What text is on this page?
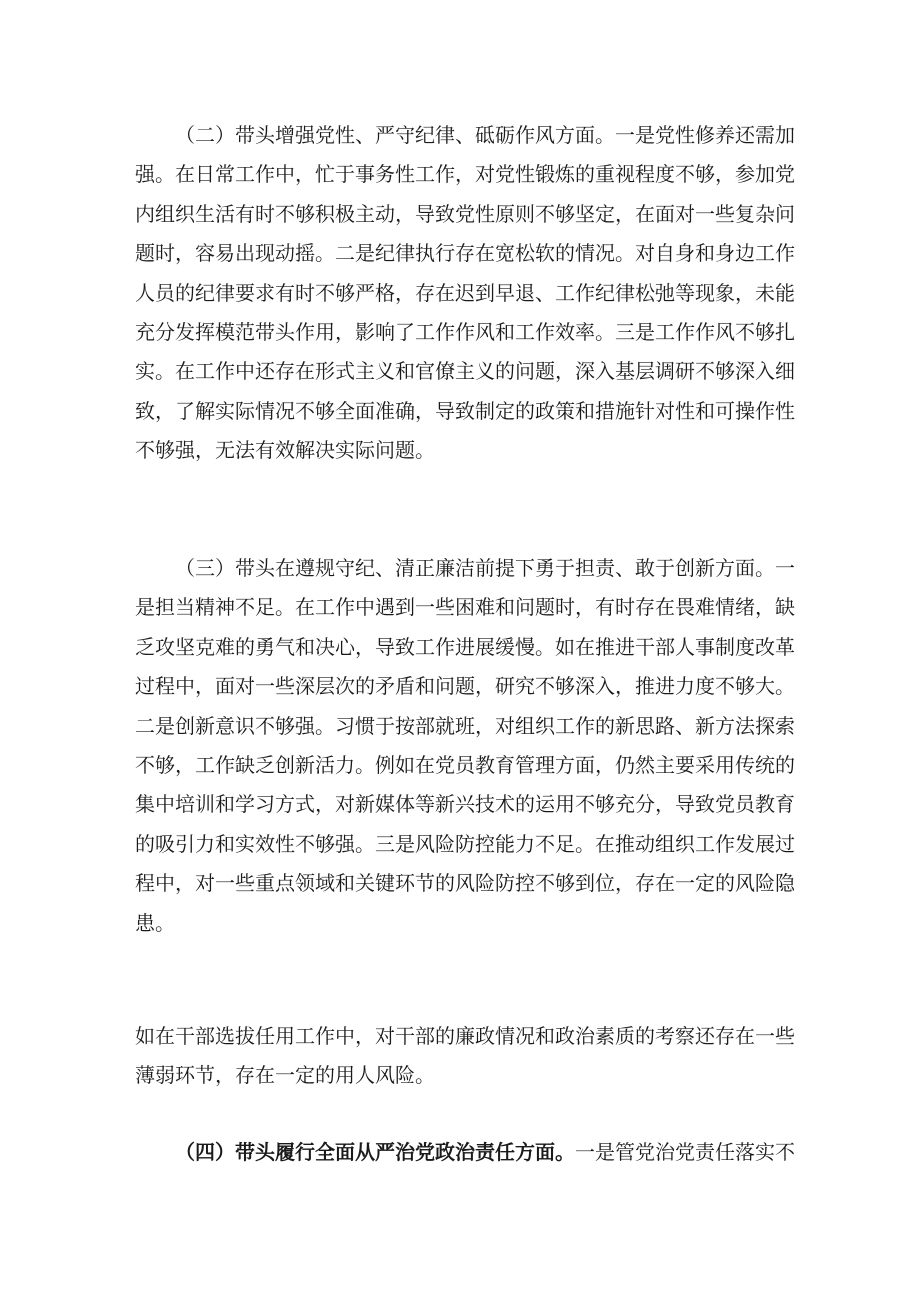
（二）带头增强党性、严守纪律、砥砺作风方面。一是党性修养还需加强。在日常工作中，忙于事务性工作，对党性锻炼的重视程度不够，参加党内组织生活有时不够积极主动，导致党性原则不够坚定，在面对一些复杂问题时，容易出现动摇。二是纪律执行存在宽松软的情况。对自身和身边工作人员的纪律要求有时不够严格，存在迟到早退、工作纪律松弛等现象，未能充分发挥模范带头作用，影响了工作作风和工作效率。三是工作作风不够扎实。在工作中还存在形式主义和官僚主义的问题，深入基层调研不够深入细致，了解实际情况不够全面准确，导致制定的政策和措施针对性和可操作性不够强，无法有效解决实际问题。

（三）带头在遵规守纪、清正廉洁前提下勇于担责、敢于创新方面。一是担当精神不足。在工作中遇到一些困难和问题时，有时存在畏难情绪，缺乏攻坚克难的勇气和决心，导致工作进展缓慢。如在推进干部人事制度改革过程中，面对一些深层次的矛盾和问题，研究不够深入，推进力度不够大。二是创新意识不够强。习惯于按部就班，对组织工作的新思路、新方法探索不够，工作缺乏创新活力。例如在党员教育管理方面，仍然主要采用传统的集中培训和学习方式，对新媒体等新兴技术的运用不够充分，导致党员教育的吸引力和实效性不够强。三是风险防控能力不足。在推动组织工作发展过程中，对一些重点领域和关键环节的风险防控不够到位，存在一定的风险隐患。

如在干部选拔任用工作中，对干部的廉政情况和政治素质的考察还存在一些薄弱环节，存在一定的用人风险。

（四）带头履行全面从严治党政治责任方面。一是管党治党责任落实不
